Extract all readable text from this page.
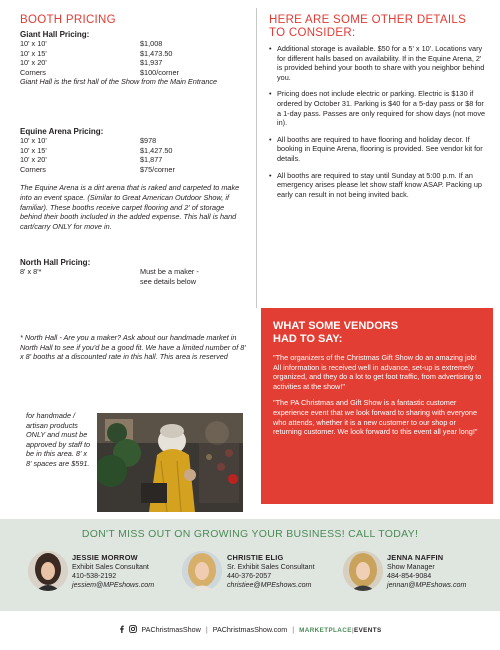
BOOTH PRICING
Giant Hall Pricing:
10' x 10'	$1,008
10' x 15'	$1,473.50
10' x 20'	$1,937
Corners	$100/corner
Giant Hall is the first hall of the Show from the Main Entrance
Equine Arena Pricing:
10' x 10'	$978
10' x 15'	$1,427.50
10' x 20'	$1,877
Corners	$75/corner
The Equine Arena is a dirt arena that is raked and carpeted to make into an event space. (Similar to Great American Outdoor Show, if familiar). These booths receive carpet flooring and 2' of storage behind their booth included in the added expense. This hall is hand cart/carry ONLY for move in.
North Hall Pricing:
8' x 8'*	Must be a maker -
see details below
* North Hall - Are you a maker? Ask about our handmade market in North Hall to see if you'd be a good fit. We have a limited number of 8' x 8' booths at a discounted rate in this hall. This area is reserved
for handmade / artisan products ONLY and must be approved by staff to be in this area. 8' x 8' spaces are $591.
HERE ARE SOME OTHER DETAILS
TO CONSIDER:
• Additional storage is available. $50 for a 5' x 10'. Locations vary for different halls based on availability. If in the Equine Arena, 2' is provided behind your booth to share with you neighbor behind you.
• Pricing does not include electric or parking. Electric is $130 if ordered by October 31. Parking is $40 for a 5-day pass or $8 for a 1-day pass. Passes are only required for show days (not move in).
• All booths are required to have flooring and holiday decor. If booking in Equine Arena, flooring is provided. See vendor kit for details.
• All booths are required to stay until Sunday at 5:00 p.m. If an emergency arises please let show staff know ASAP. Packing up early can result in not being invited back.
WHAT SOME VENDORS
HAD TO SAY:

"The organizers of the Christmas Gift Show do an amazing job! All information is received well in advance, set-up is extremely organized, and they do a lot to get foot traffic, from advertising to activities at the show!"

"The PA Christmas and Gift Show is a fantastic customer experience event that we look forward to sharing with everyone who attends, whether it is a new customer to our shop or returning customer. We look forward to this event all year long!"

DON'T MISS OUT ON GROWING YOUR BUSINESS! CALL TODAY!
JESSIE MORROW
Exhibit Sales Consultant
410-538-2192
jessiem@MPEshows.com
CHRISTIE ELIG
Sr. Exhibit Sales Consultant
440-376-2057
christiee@MPEshows.com
JENNA NAFFIN
Show Manager
484-854-9084
jennan@MPEshows.com
PAChristmasShow | PAChristmasShow.com | MARKETPLACE|EVENTS
